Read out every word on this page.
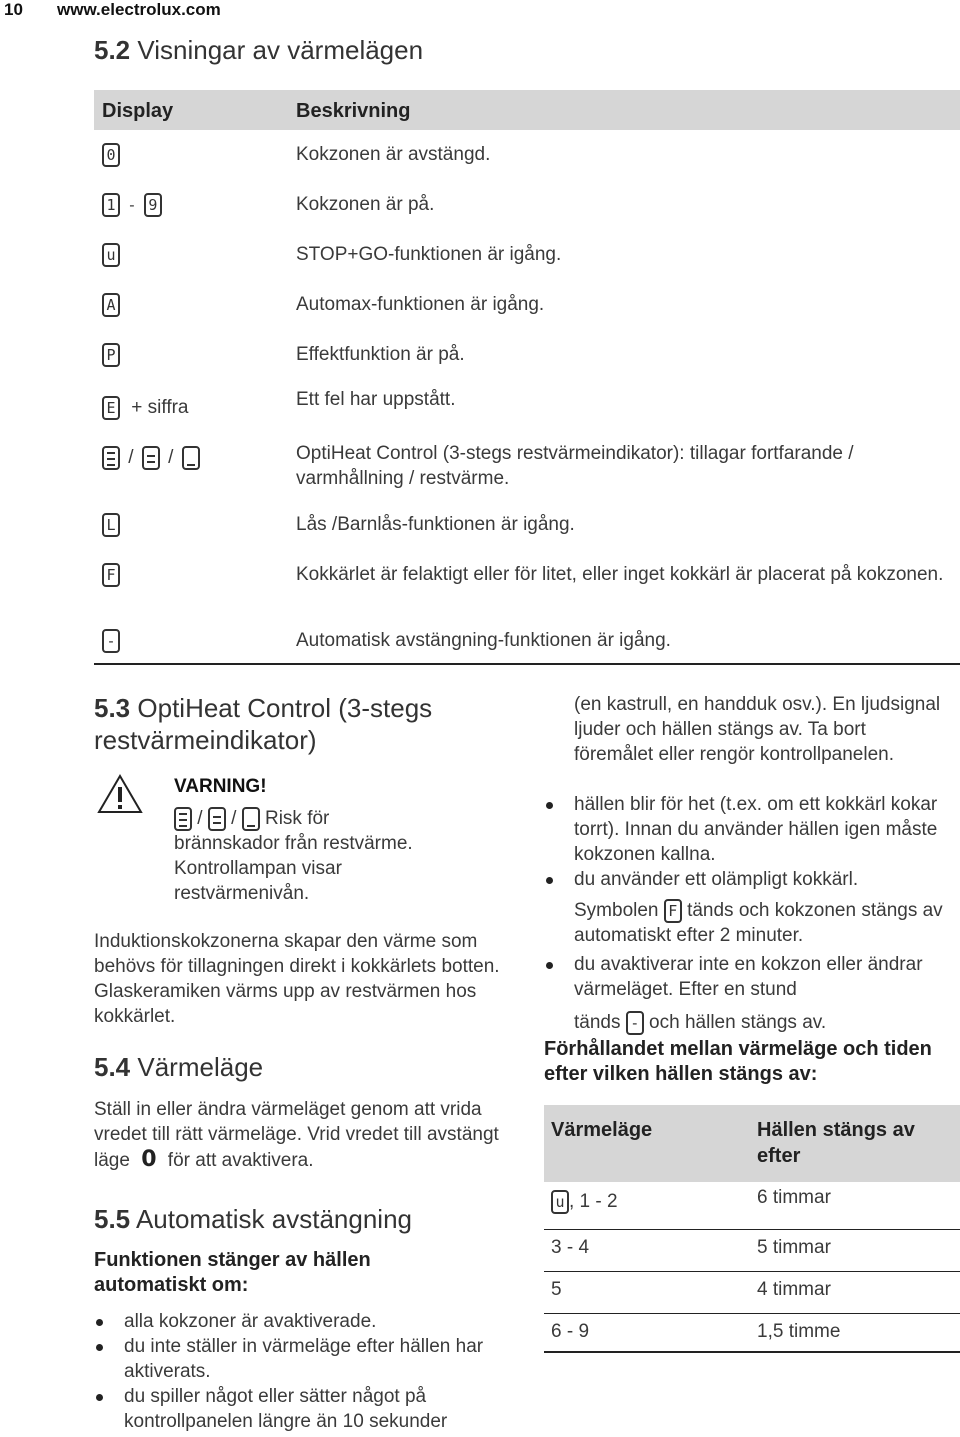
10 www.electrolux.com
5.2 Visningar av värmelägen
Display	Beskrivning
0	Kokzonen är avstängd.
1 - 9	Kokzonen är på.
u	STOP+GO-funktionen är igång.
A	Automax-funktionen är igång.
P	Effektfunktion är på.
E + siffra	Ett fel har uppstått.
/ /	OptiHeat Control (3-stegs restvärmeindikator): tillagar fortfarande / varmhållning / restvärme.
L	Lås /Barnlås-funktionen är igång.
F	Kokkärlet är felaktigt eller för litet, eller inget kokkärl är placerat på kokzonen.
-	Automatisk avstängning-funktionen är igång.
5.3 OptiHeat Control (3-stegs restvärmeindikator)
VARNING!
/ / Risk för
brännskador från restvärme. Kontrollampan visar restvärmenivån.
Induktionskokzonerna skapar den värme som behövs för tillagningen direkt i kokkärlets botten. Glaskeramiken värms upp av restvärmen hos kokkärlet.
5.4 Värmeläge
Ställ in eller ändra värmeläget genom att vrida vredet till rätt värmeläge. Vrid vredet till avstängt läge 0 för att avaktivera.
5.5 Automatisk avstängning
Funktionen stänger av hällen automatiskt om:
alla kokzoner är avaktiverade.
du inte ställer in värmeläge efter hällen har aktiverats.
du spiller något eller sätter något på kontrollpanelen längre än 10 sekunder
(en kastrull, en handduk osv.). En ljudsignal ljuder och hällen stängs av. Ta bort föremålet eller rengör kontrollpanelen.
hällen blir för het (t.ex. om ett kokkärl kokar torrt). Innan du använder hällen igen måste kokzonen kallna.
du använder ett olämpligt kokkärl.
Symbolen F tänds och kokzonen stängs av automatiskt efter 2 minuter.
du avaktiverar inte en kokzon eller ändrar värmeläget. Efter en stund
tänds - och hällen stängs av.
Förhållandet mellan värmeläge och tiden efter vilken hällen stängs av:
Värmeläge	Hällen stängs av efter
u , 1 - 2	6 timmar
3 - 4	5 timmar
5	4 timmar
6 - 9	1,5 timme
